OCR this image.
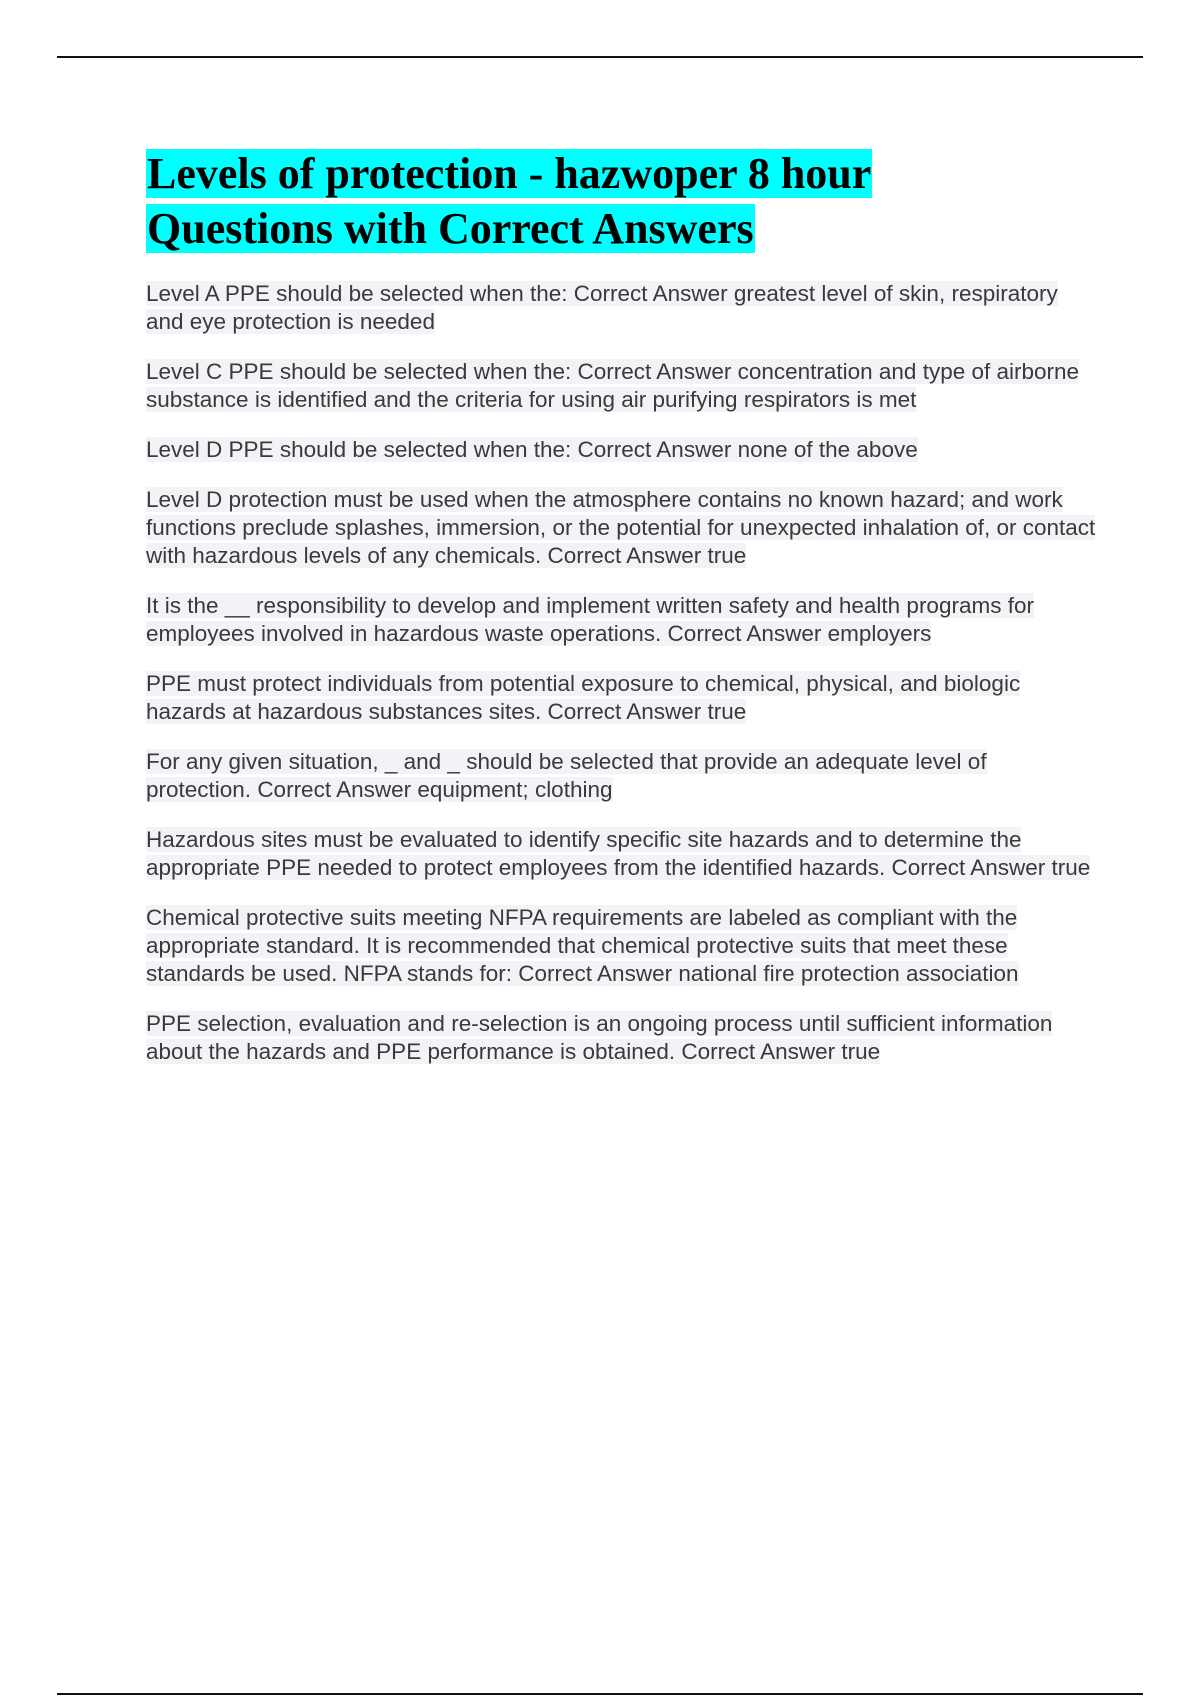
Levels of protection - hazwoper 8 hour
Questions with Correct Answers

Level A PPE should be selected when the: Correct Answer greatest level of skin, respiratory and eye protection is needed

Level C PPE should be selected when the: Correct Answer concentration and type of airborne substance is identified and the criteria for using air purifying respirators is met

Level D PPE should be selected when the: Correct Answer none of the above

Level D protection must be used when the atmosphere contains no known hazard; and work functions preclude splashes, immersion, or the potential for unexpected inhalation of, or contact with hazardous levels of any chemicals. Correct Answer true

It is the __ responsibility to develop and implement written safety and health programs for employees involved in hazardous waste operations. Correct Answer employers

PPE must protect individuals from potential exposure to chemical, physical, and biologic hazards at hazardous substances sites. Correct Answer true

For any given situation, _ and _ should be selected that provide an adequate level of protection. Correct Answer equipment; clothing

Hazardous sites must be evaluated to identify specific site hazards and to determine the appropriate PPE needed to protect employees from the identified hazards. Correct Answer true

Chemical protective suits meeting NFPA requirements are labeled as compliant with the appropriate standard. It is recommended that chemical protective suits that meet these standards be used. NFPA stands for: Correct Answer national fire protection association

PPE selection, evaluation and re-selection is an ongoing process until sufficient information about the hazards and PPE performance is obtained. Correct Answer true
